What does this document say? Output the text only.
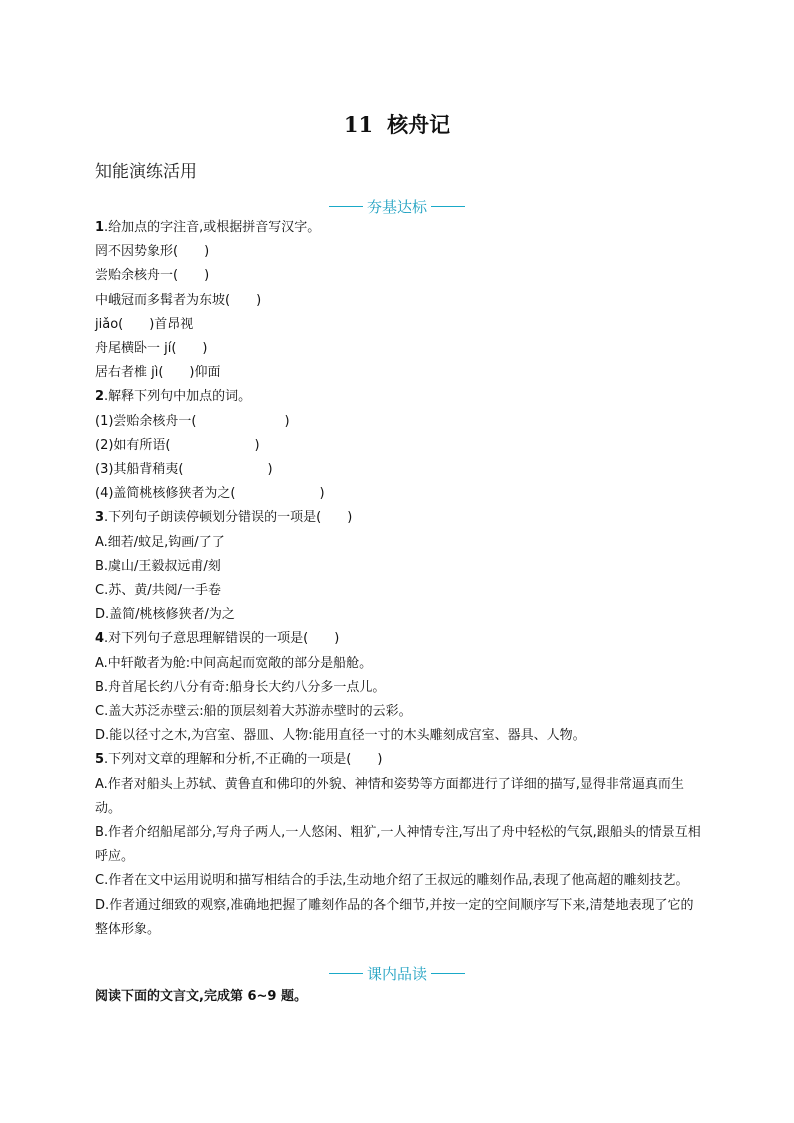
11 核舟记
知能演练活用
夯基达标
1.给加点的字注音,或根据拼音写汉字。
罔不因势象形(　　)
尝贻余核舟一(　　)
中峨冠而多髯者为东坡(　　)
jiǎo(　　)首昂视
舟尾横卧一 jí(　　)
居右者椎 jì(　　)仰面
2.解释下列句中加点的词。
(1)尝贻余核舟一(	)
(2)如有所语(	)
(3)其船背稍夷(	)
(4)盖简桃核修狭者为之(	)
3.下列句子朗读停顿划分错误的一项是(　　)
A.细若/蚊足,钩画/了了
B.虞山/王毅叔远甫/刻
C.苏、黄/共阅/一手卷
D.盖简/桃核修狭者/为之
4.对下列句子意思理解错误的一项是(　　)
A.中轩敞者为舱:中间高起而宽敞的部分是船舱。
B.舟首尾长约八分有奇:船身长大约八分多一点儿。
C.盖大苏泛赤壁云:船的顶层刻着大苏游赤壁时的云彩。
D.能以径寸之木,为宫室、器皿、人物:能用直径一寸的木头雕刻成宫室、器具、人物。
5.下列对文章的理解和分析,不正确的一项是(　　)
A.作者对船头上苏轼、黄鲁直和佛印的外貌、神情和姿势等方面都进行了详细的描写,显得非常逼真而生动。
B.作者介绍船尾部分,写舟子两人,一人悠闲、粗犷,一人神情专注,写出了舟中轻松的气氛,跟船头的情景互相呼应。
C.作者在文中运用说明和描写相结合的手法,生动地介绍了王叔远的雕刻作品,表现了他高超的雕刻技艺。
D.作者通过细致的观察,准确地把握了雕刻作品的各个细节,并按一定的空间顺序写下来,清楚地表现了它的整体形象。
课内品读
阅读下面的文言文,完成第 6~9 题。
